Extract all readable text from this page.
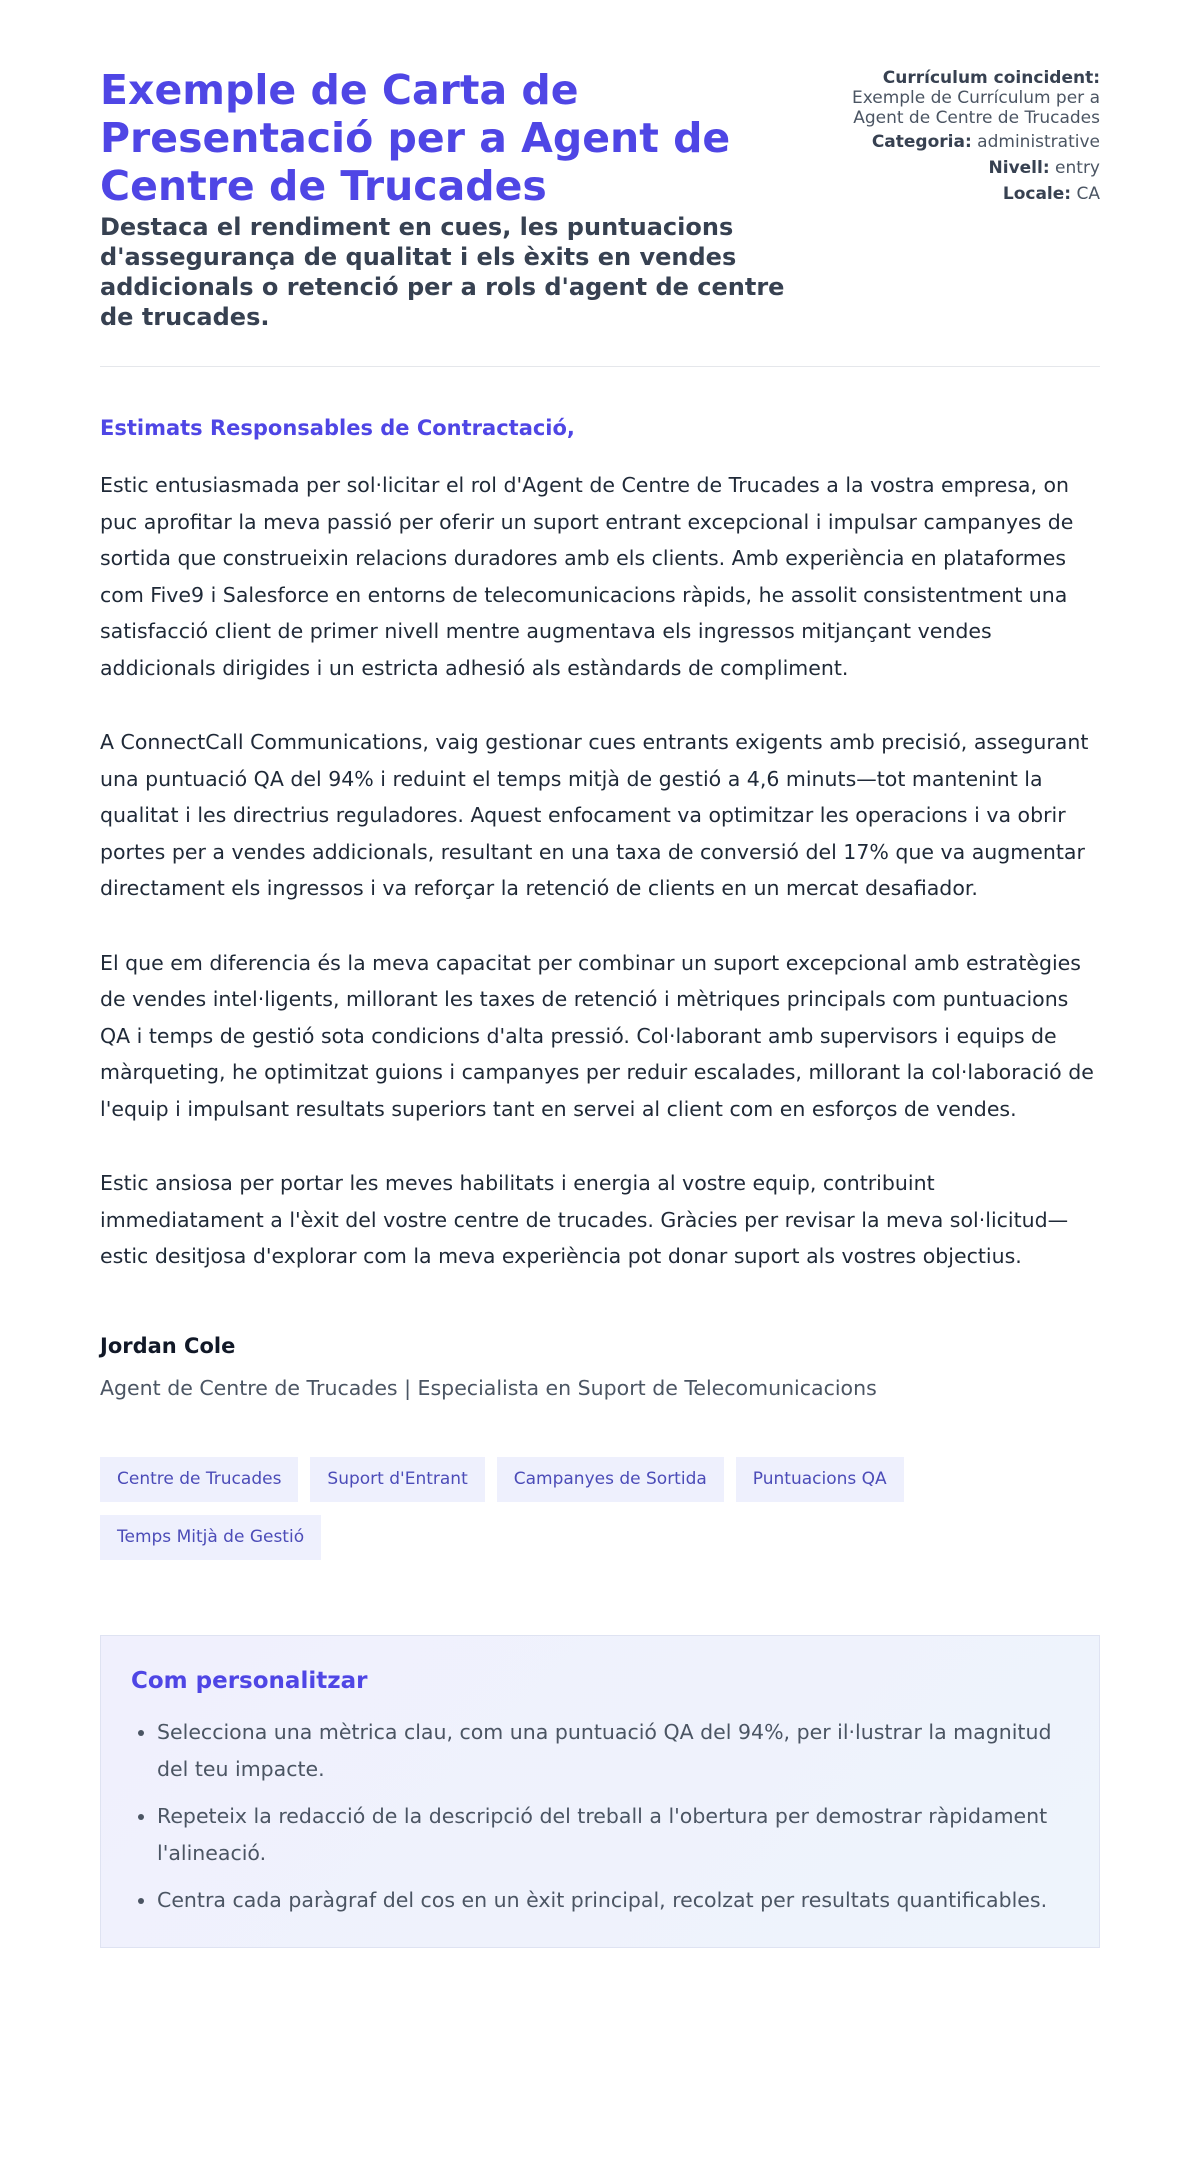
Exemple de Carta de Presentació per a Agent de Centre de Trucades
Destaca el rendiment en cues, les puntuacions d'assegurança de qualitat i els èxits en vendes addicionals o retenció per a rols d'agent de centre de trucades.
Currículum coincident:
Exemple de Currículum per a Agent de Centre de Trucades
Categoria: administrative
Nivell: entry
Locale: CA
Estimats Responsables de Contractació,

Estic entusiasmada per sol·licitar el rol d'Agent de Centre de Trucades a la vostra empresa, on puc aprofitar la meva passió per oferir un suport entrant excepcional i impulsar campanyes de sortida que construeixin relacions duradores amb els clients. Amb experiència en plataformes com Five9 i Salesforce en entorns de telecomunicacions ràpids, he assolit consistentment una satisfacció client de primer nivell mentre augmentava els ingressos mitjançant vendes addicionals dirigides i un estricta adhesió als estàndards de compliment.

A ConnectCall Communications, vaig gestionar cues entrants exigents amb precisió, assegurant una puntuació QA del 94% i reduint el temps mitjà de gestió a 4,6 minuts—tot mantenint la qualitat i les directrius reguladores. Aquest enfocament va optimitzar les operacions i va obrir portes per a vendes addicionals, resultant en una taxa de conversió del 17% que va augmentar directament els ingressos i va reforçar la retenció de clients en un mercat desafiador.

El que em diferencia és la meva capacitat per combinar un suport excepcional amb estratègies de vendes intel·ligents, millorant les taxes de retenció i mètriques principals com puntuacions QA i temps de gestió sota condicions d'alta pressió. Col·laborant amb supervisors i equips de màrqueting, he optimitzat guions i campanyes per reduir escalades, millorant la col·laboració de l'equip i impulsant resultats superiors tant en servei al client com en esforços de vendes.

Estic ansiosa per portar les meves habilitats i energia al vostre equip, contribuint immediatament a l'èxit del vostre centre de trucades. Gràcies per revisar la meva sol·licitud—estic desitjosa d'explorar com la meva experiència pot donar suport als vostres objectius.

Jordan Cole
Agent de Centre de Trucades | Especialista en Suport de Telecomunicacions
Centre de Trucades	Suport d'Entrant	Campanyes de Sortida	Puntuacions QA
Temps Mitjà de Gestió
Com personalitzar
• Selecciona una mètrica clau, com una puntuació QA del 94%, per il·lustrar la magnitud del teu impacte.
• Repeteix la redacció de la descripció del treball a l'obertura per demostrar ràpidament l'alineació.
• Centra cada paràgraf del cos en un èxit principal, recolzat per resultats quantificables.
